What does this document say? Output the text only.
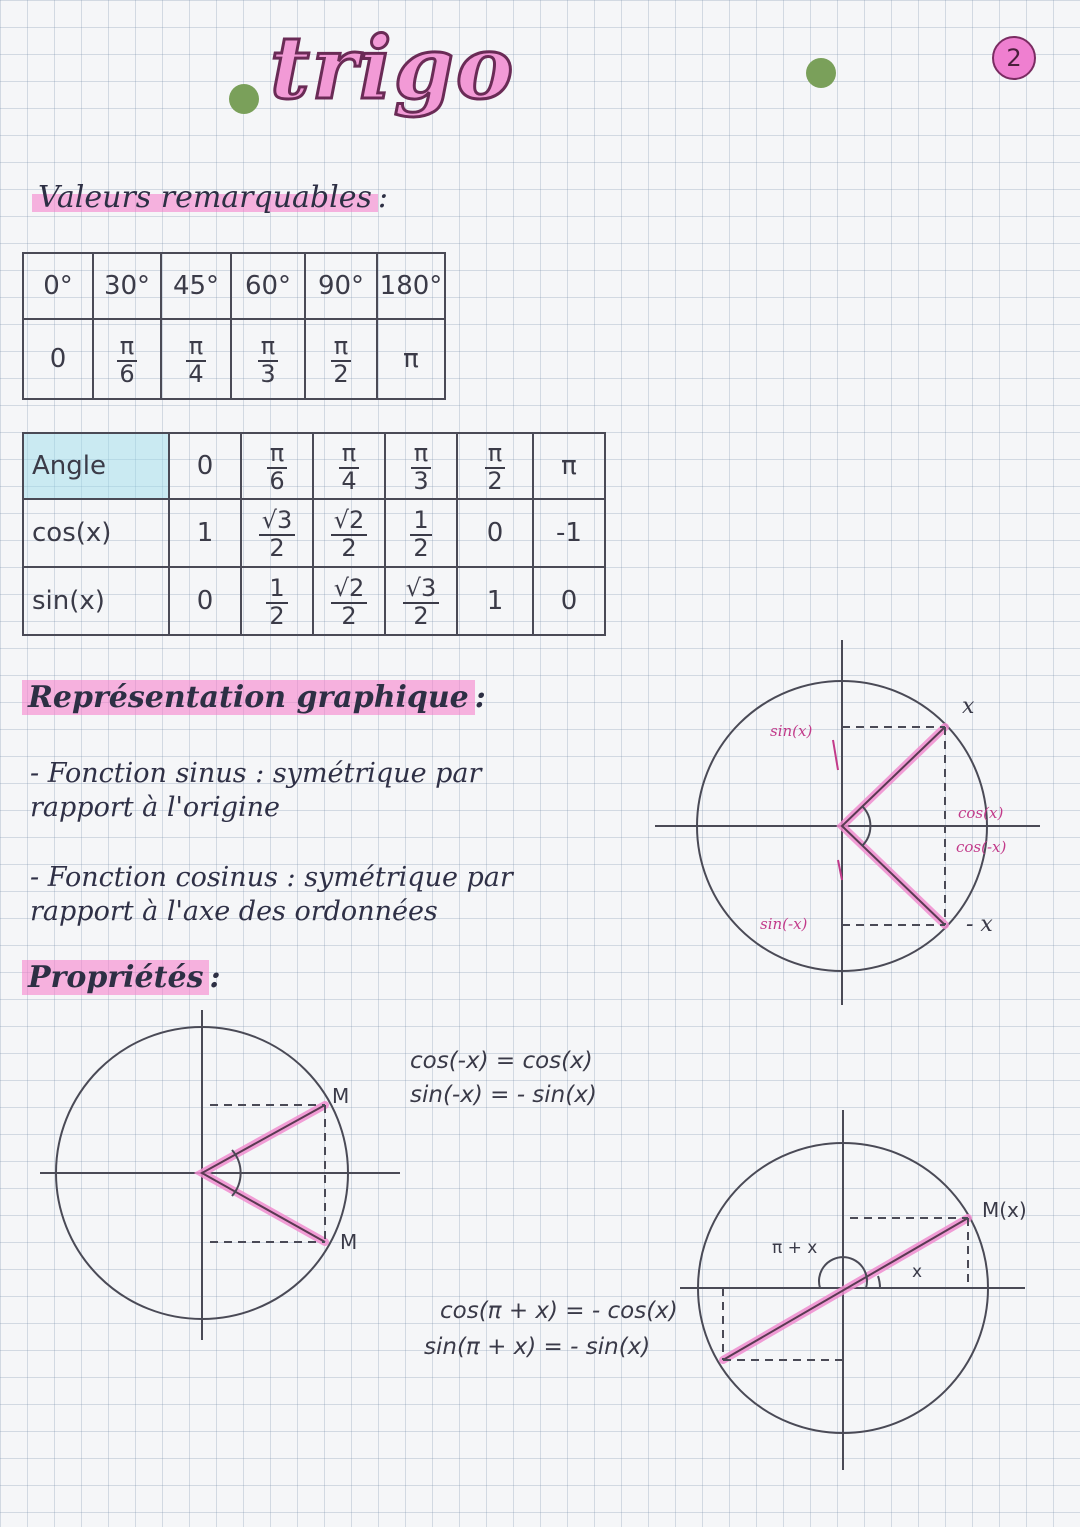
trigo	2
Valeurs remarquables :
0°	30°	45°	60°	90°	180°
0	$\frac{\pi}{6}$	$\frac{\pi}{4}$	$\frac{\pi}{3}$	$\frac{\pi}{2}$	π
Angle	0	$\frac{\pi}{6}$	$\frac{\pi}{4}$	$\frac{\pi}{3}$	$\frac{\pi}{2}$	π
cos(x)	1	$\frac{√3}{2}$	$\frac{√2}{2}$	$\frac{1}{2}$	0	-1
sin(x)	0	$\frac{1}{2}$	$\frac{√2}{2}$	$\frac{√3}{2}$	1	0
Représentation graphique :
- Fonction sinus : symétrique par
rapport à l'origine
- Fonction cosinus : symétrique par
rapport à l'axe des ordonnées
Propriétés :
x
- x
sin(x)
sin(-x)
cos(x)
cos(-x)
M
M
cos(-x) = cos(x)
sin(-x) = - sin(x)
M(x)
π + x
x
cos(π + x) = - cos(x)
sin(π + x) = - sin(x)
